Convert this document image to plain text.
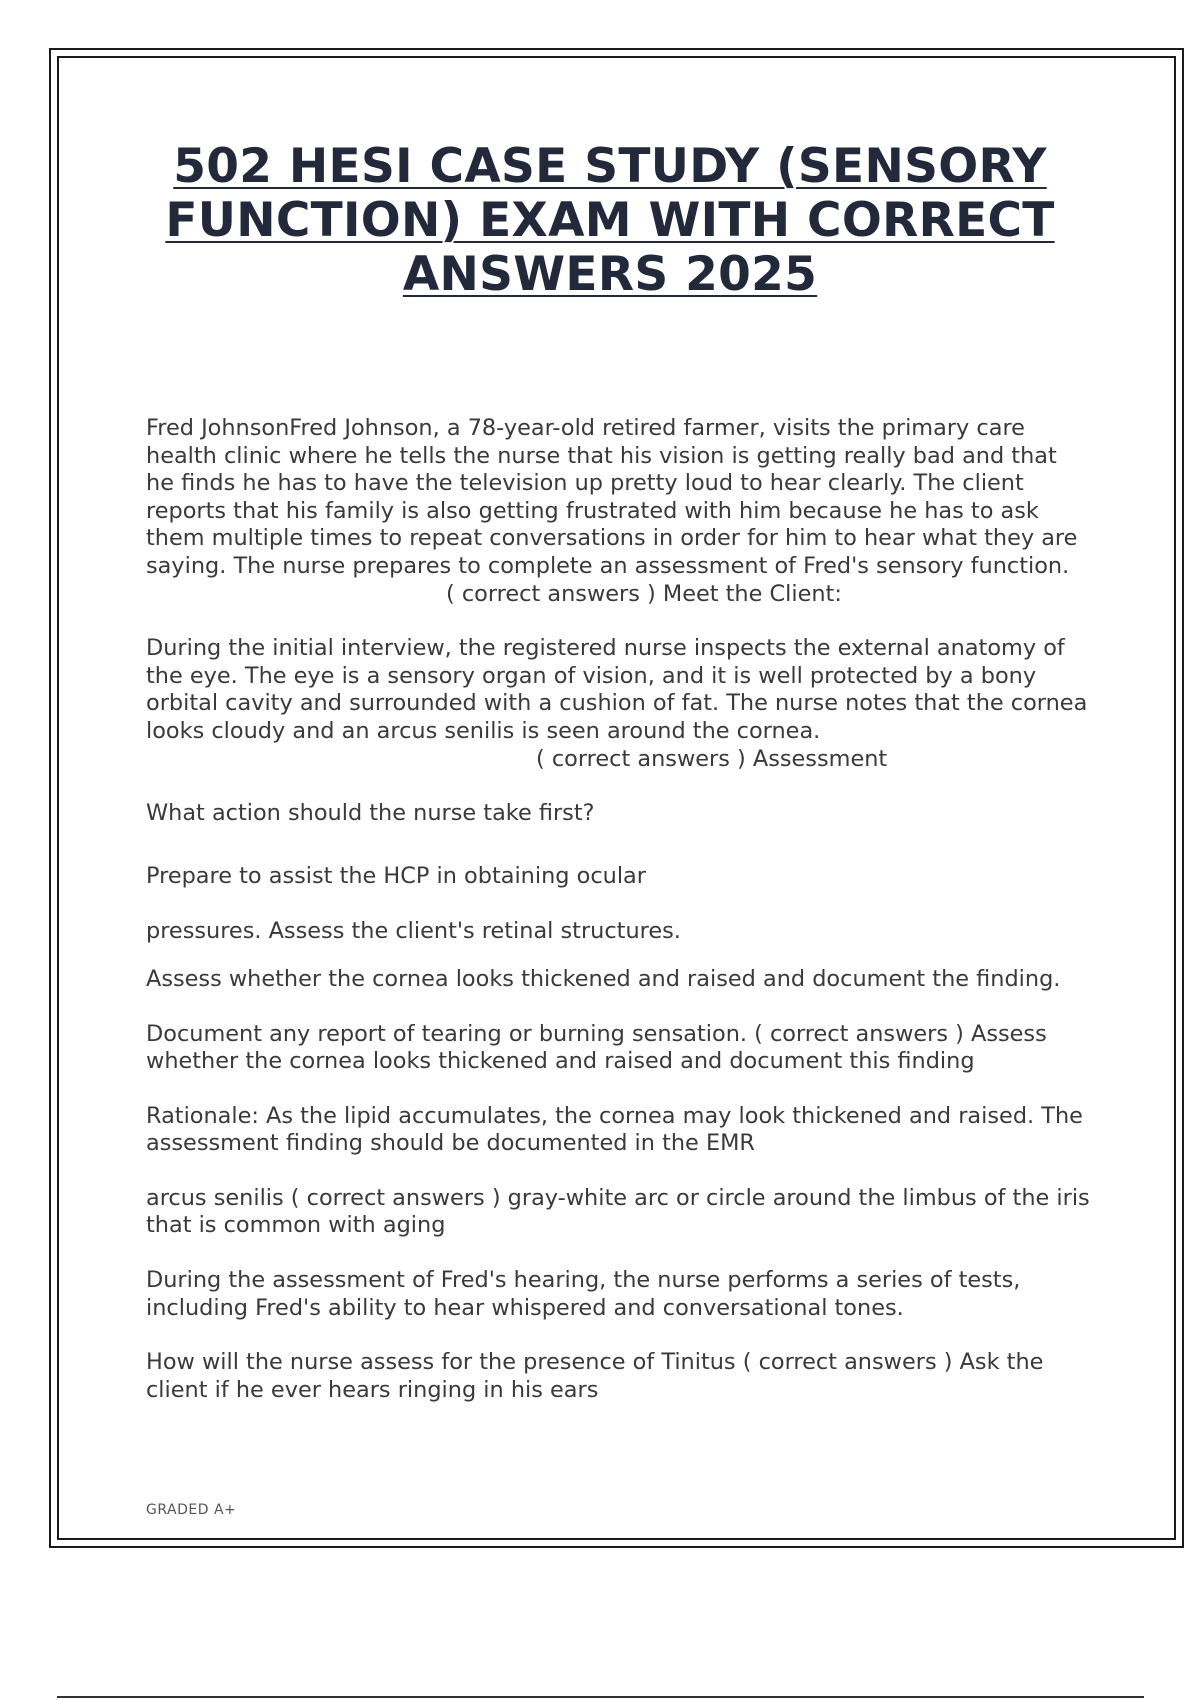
502 HESI CASE STUDY (SENSORY FUNCTION) EXAM WITH CORRECT ANSWERS 2025

Fred JohnsonFred Johnson, a 78-year-old retired farmer, visits the primary care health clinic where he tells the nurse that his vision is getting really bad and that he finds he has to have the television up pretty loud to hear clearly. The client reports that his family is also getting frustrated with him because he has to ask them multiple times to repeat conversations in order for him to hear what they are saying. The nurse prepares to complete an assessment of Fred's sensory function. ( correct answers ) Meet the Client:

During the initial interview, the registered nurse inspects the external anatomy of the eye. The eye is a sensory organ of vision, and it is well protected by a bony orbital cavity and surrounded with a cushion of fat. The nurse notes that the cornea looks cloudy and an arcus senilis is seen around the cornea. ( correct answers ) Assessment

What action should the nurse take first?

Prepare to assist the HCP in obtaining ocular

pressures. Assess the client's retinal structures.

Assess whether the cornea looks thickened and raised and document the finding.

Document any report of tearing or burning sensation. ( correct answers ) Assess whether the cornea looks thickened and raised and document this finding

Rationale: As the lipid accumulates, the cornea may look thickened and raised. The assessment finding should be documented in the EMR

arcus senilis ( correct answers ) gray-white arc or circle around the limbus of the iris that is common with aging

During the assessment of Fred's hearing, the nurse performs a series of tests, including Fred's ability to hear whispered and conversational tones.

How will the nurse assess for the presence of Tinitus ( correct answers ) Ask the client if he ever hears ringing in his ears

GRADED A+
